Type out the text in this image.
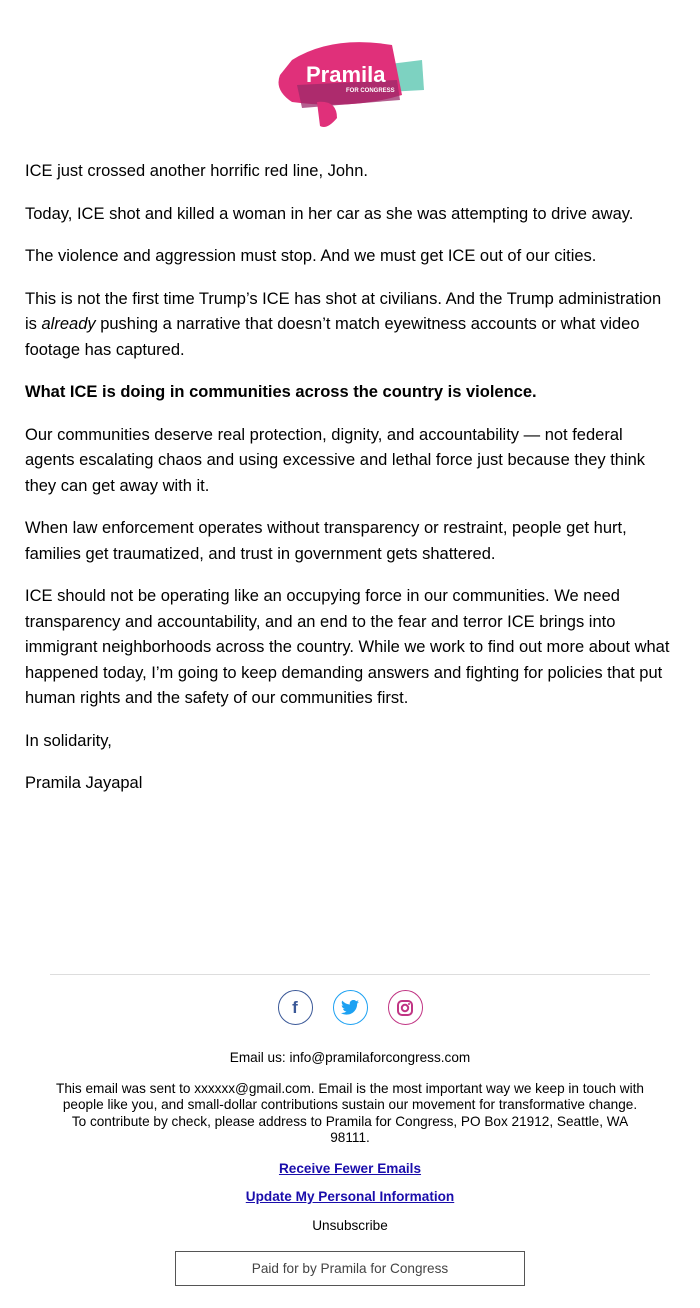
Pramila
FOR CONGRESS

ICE just crossed another horrific red line, John.

Today, ICE shot and killed a woman in her car as she was attempting to drive away.

The violence and aggression must stop. And we must get ICE out of our cities.

This is not the first time Trump’s ICE has shot at civilians. And the Trump administration is already pushing a narrative that doesn’t match eyewitness accounts or what video footage has captured.

What ICE is doing in communities across the country is violence.

Our communities deserve real protection, dignity, and accountability — not federal agents escalating chaos and using excessive and lethal force just because they think they can get away with it.

When law enforcement operates without transparency or restraint, people get hurt, families get traumatized, and trust in government gets shattered.

ICE should not be operating like an occupying force in our communities. We need transparency and accountability, and an end to the fear and terror ICE brings into immigrant neighborhoods across the country. While we work to find out more about what happened today, I’m going to keep demanding answers and fighting for policies that put human rights and the safety of our communities first.

In solidarity,

Pramila Jayapal

f

Email us: info@pramilaforcongress.com

This email was sent to xxxxxx@gmail.com. Email is the most important way we keep in touch with people like you, and small-dollar contributions sustain our movement for transformative change. To contribute by check, please address to Pramila for Congress, PO Box 21912, Seattle, WA 98111.

Receive Fewer Emails
Update My Personal Information
Unsubscribe
Paid for by Pramila for Congress
